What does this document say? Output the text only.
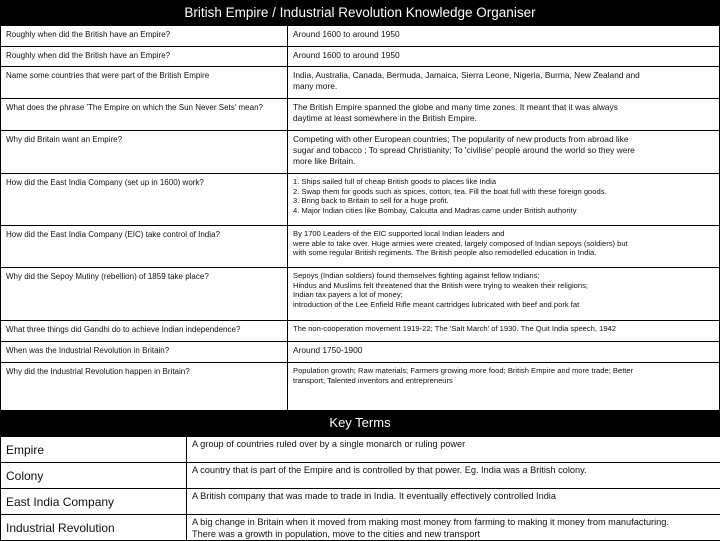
British Empire / Industrial Revolution Knowledge Organiser
Roughly when did the British have an Empire?	Around 1600 to around 1950

Roughly when did the British have an Empire?	Around 1600 to around 1950

Name some countries that were part of the British Empire	India, Australia, Canada, Bermuda, Jamaica, Sierra Leone, Nigeria, Burma, New Zealand and
many more.

What does the phrase 'The Empire on which the Sun Never Sets' mean?	The British Empire spanned the globe and many time zones. It meant that it was always
daytime at least somewhere in the British Empire.

Why did Britain want an Empire?	Competing with other European countries; The popularity of new products from abroad like
sugar and tobacco ; To spread Christianity; To 'civilise' people around the world so they were
more like Britain.

How did the East India Company (set up in 1600) work?	1. Ships sailed full of cheap British goods to places like India
2. Swap them for goods such as spices, cotton, tea. Fill the boat full with these foreign goods.
3. Bring back to Britain to sell for a huge profit.
4. Major Indian cities like Bombay, Calcutta and Madras came under British authority

How did the East India Company (EIC) take control of India?	By 1700 Leaders of the EIC supported local Indian leaders and
were able to take over. Huge armies were created, largely composed of Indian sepoys (soldiers) but
with some regular British regiments. The British people also remodelled education in India.

Why did the Sepoy Mutiny (rebellion) of 1859 take place?	Sepoys (Indian soldiers) found themselves fighting against fellow Indians;
Hindus and Muslims felt threatened that the British were trying to weaken their religions;
Indian tax payers a lot of money;
introduction of the Lee Enfield Rifle meant cartridges lubricated with beef and pork fat

What three things did Gandhi do to achieve Indian independence?	The non-cooperation movement 1919-22; The 'Salt March' of 1930. The Quit India speech, 1942

When was the Industrial Revolution in Britain?	Around 1750-1900

Why did the Industrial Revolution happen in Britain?	Population growth; Raw materials; Farmers growing more food; British Empire and more trade; Better
transport; Talented inventors and entrepreneurs
Key Terms
Empire	A group of countries ruled over by a single monarch or ruling power

Colony	A country that is part of the Empire and is controlled by that power. Eg. India was a British colony.

East India Company	A British company that was made to trade in India. It eventually effectively controlled India

Industrial Revolution	A big change in Britain when it moved from making most money from farming to making it money from manufacturing.
There was a growth in population, move to the cities and new transport
